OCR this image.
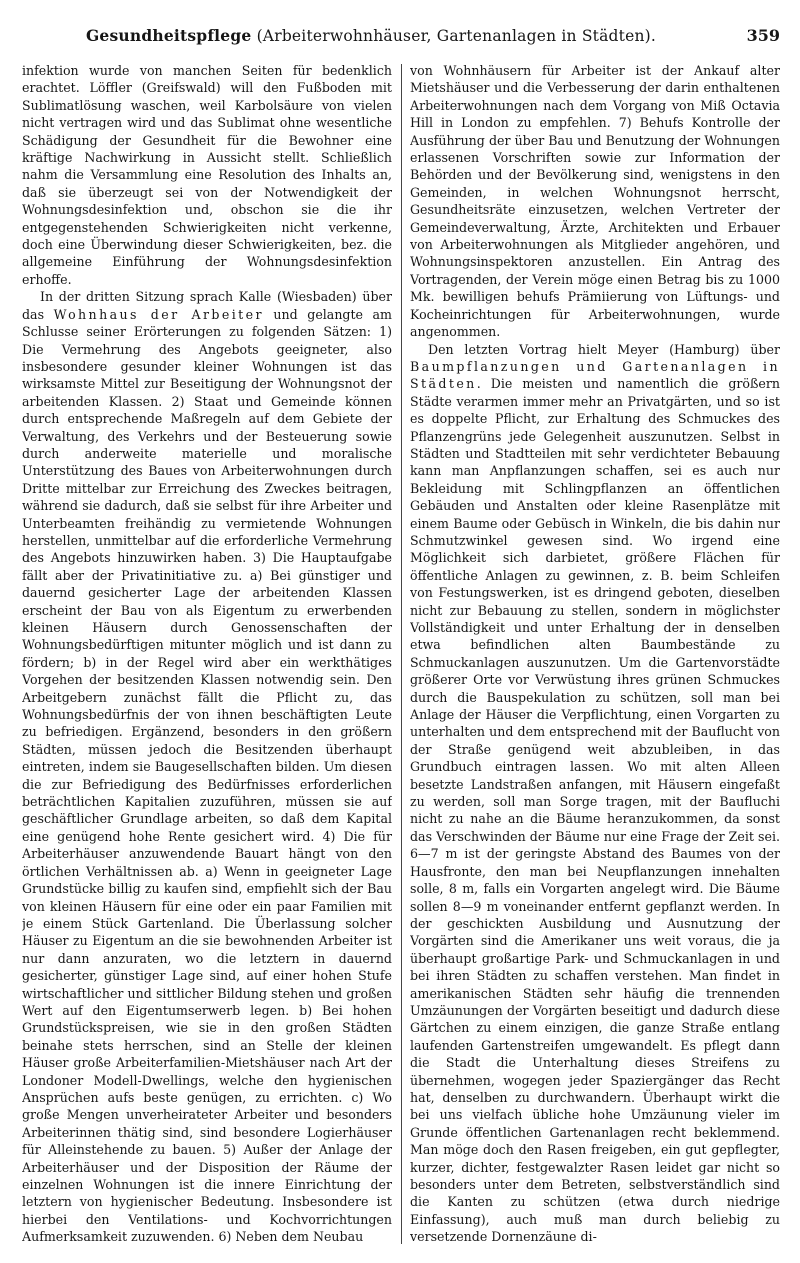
Gesundheitspflege (Arbeiterwohnhäuser, Gartenanlagen in Städten).	359

infektion wurde von manchen Seiten für bedenklich erachtet. Löffler (Greifswald) will den Fußboden mit Sublimatlösung waschen, weil Karbolsäure von vielen nicht vertragen wird und das Sublimat ohne wesentliche Schädigung der Gesundheit für die Bewohner eine kräftige Nachwirkung in Aussicht stellt. Schließlich nahm die Versammlung eine Resolution des Inhalts an, daß sie überzeugt sei von der Notwendigkeit der Wohnungsdesinfektion und, obschon sie die ihr entgegenstehenden Schwierigkeiten nicht verkenne, doch eine Überwindung dieser Schwierigkeiten, bez. die allgemeine Einführung der Wohnungsdesinfektion erhoffe.

In der dritten Sitzung sprach Kalle (Wiesbaden) über das Wohnhaus der Arbeiter und gelangte am Schlusse seiner Erörterungen zu folgenden Sätzen: 1) Die Vermehrung des Angebots geeigneter, also insbesondere gesunder kleiner Wohnungen ist das wirksamste Mittel zur Beseitigung der Wohnungsnot der arbeitenden Klassen. 2) Staat und Gemeinde können durch entsprechende Maßregeln auf dem Gebiete der Verwaltung, des Verkehrs und der Besteuerung sowie durch anderweite materielle und moralische Unterstützung des Baues von Arbeiterwohnungen durch Dritte mittelbar zur Erreichung des Zweckes beitragen, während sie dadurch, daß sie selbst für ihre Arbeiter und Unterbeamten freihändig zu vermietende Wohnungen herstellen, unmittelbar auf die erforderliche Vermehrung des Angebots hinzuwirken haben. 3) Die Hauptaufgabe fällt aber der Privatinitiative zu. a) Bei günstiger und dauernd gesicherter Lage der arbeitenden Klassen erscheint der Bau von als Eigentum zu erwerbenden kleinen Häusern durch Genossenschaften der Wohnungsbedürftigen mitunter möglich und ist dann zu fördern; b) in der Regel wird aber ein werkthätiges Vorgehen der besitzenden Klassen notwendig sein. Den Arbeitgebern zunächst fällt die Pflicht zu, das Wohnungsbedürfnis der von ihnen beschäftigten Leute zu befriedigen. Ergänzend, besonders in den größern Städten, müssen jedoch die Besitzenden überhaupt eintreten, indem sie Baugesellschaften bilden. Um diesen die zur Befriedigung des Bedürfnisses erforderlichen beträchtlichen Kapitalien zuzuführen, müssen sie auf geschäftlicher Grundlage arbeiten, so daß dem Kapital eine genügend hohe Rente gesichert wird. 4) Die für Arbeiterhäuser anzuwendende Bauart hängt von den örtlichen Verhältnissen ab. a) Wenn in geeigneter Lage Grundstücke billig zu kaufen sind, empfiehlt sich der Bau von kleinen Häusern für eine oder ein paar Familien mit je einem Stück Gartenland. Die Überlassung solcher Häuser zu Eigentum an die sie bewohnenden Arbeiter ist nur dann anzuraten, wo die letztern in dauernd gesicherter, günstiger Lage sind, auf einer hohen Stufe wirtschaftlicher und sittlicher Bildung stehen und großen Wert auf den Eigentumserwerb legen. b) Bei hohen Grundstückspreisen, wie sie in den großen Städten beinahe stets herrschen, sind an Stelle der kleinen Häuser große Arbeiterfamilien-Mietshäuser nach Art der Londoner Modell-Dwellings, welche den hygienischen Ansprüchen aufs beste genügen, zu errichten. c) Wo große Mengen unverheirateter Arbeiter und besonders Arbeiterinnen thätig sind, sind besondere Logierhäuser für Alleinstehende zu bauen. 5) Außer der Anlage der Arbeiterhäuser und der Disposition der Räume der einzelnen Wohnungen ist die innere Einrichtung der letztern von hygienischer Bedeutung. Insbesondere ist hierbei den Ventilations- und Kochvorrichtungen Aufmerksamkeit zuzuwenden. 6) Neben dem Neubau

von Wohnhäusern für Arbeiter ist der Ankauf alter Mietshäuser und die Verbesserung der darin enthaltenen Arbeiterwohnungen nach dem Vorgang von Miß Octavia Hill in London zu empfehlen. 7) Behufs Kontrolle der Ausführung der über Bau und Benutzung der Wohnungen erlassenen Vorschriften sowie zur Information der Behörden und der Bevölkerung sind, wenigstens in den Gemeinden, in welchen Wohnungsnot herrscht, Gesundheitsräte einzusetzen, welchen Vertreter der Gemeindeverwaltung, Ärzte, Architekten und Erbauer von Arbeiterwohnungen als Mitglieder angehören, und Wohnungsinspektoren anzustellen. Ein Antrag des Vortragenden, der Verein möge einen Betrag bis zu 1000 Mk. bewilligen behufs Prämiierung von Lüftungs- und Kocheinrichtungen für Arbeiterwohnungen, wurde angenommen.

Den letzten Vortrag hielt Meyer (Hamburg) über Baumpflanzungen und Gartenanlagen in Städten. Die meisten und namentlich die größern Städte verarmen immer mehr an Privatgärten, und so ist es doppelte Pflicht, zur Erhaltung des Schmuckes des Pflanzengrüns jede Gelegenheit auszunutzen. Selbst in Städten und Stadtteilen mit sehr verdichteter Bebauung kann man Anpflanzungen schaffen, sei es auch nur Bekleidung mit Schlingpflanzen an öffentlichen Gebäuden und Anstalten oder kleine Rasenplätze mit einem Baume oder Gebüsch in Winkeln, die bis dahin nur Schmutzwinkel gewesen sind. Wo irgend eine Möglichkeit sich darbietet, größere Flächen für öffentliche Anlagen zu gewinnen, z. B. beim Schleifen von Festungswerken, ist es dringend geboten, dieselben nicht zur Bebauung zu stellen, sondern in möglichster Vollständigkeit und unter Erhaltung der in denselben etwa befindlichen alten Baumbestände zu Schmuckanlagen auszunutzen. Um die Gartenvorstädte größerer Orte vor Verwüstung ihres grünen Schmuckes durch die Bauspekulation zu schützen, soll man bei Anlage der Häuser die Verpflichtung, einen Vorgarten zu unterhalten und dem entsprechend mit der Bauflucht von der Straße genügend weit abzubleiben, in das Grundbuch eintragen lassen. Wo mit alten Alleen besetzte Landstraßen anfangen, mit Häusern eingefaßt zu werden, soll man Sorge tragen, mit der Baufluchi nicht zu nahe an die Bäume heranzukommen, da sonst das Verschwinden der Bäume nur eine Frage der Zeit sei. 6—7 m ist der geringste Abstand des Baumes von der Hausfronte, den man bei Neupflanzungen innehalten solle, 8 m, falls ein Vorgarten angelegt wird. Die Bäume sollen 8—9 m voneinander entfernt gepflanzt werden. In der geschickten Ausbildung und Ausnutzung der Vorgärten sind die Amerikaner uns weit voraus, die ja überhaupt großartige Park- und Schmuckanlagen in und bei ihren Städten zu schaffen verstehen. Man findet in amerikanischen Städten sehr häufig die trennenden Umzäunungen der Vorgärten beseitigt und dadurch diese Gärtchen zu einem einzigen, die ganze Straße entlang laufenden Gartenstreifen umgewandelt. Es pflegt dann die Stadt die Unterhaltung dieses Streifens zu übernehmen, wogegen jeder Spaziergänger das Recht hat, denselben zu durchwandern. Überhaupt wirkt die bei uns vielfach übliche hohe Umzäunung vieler im Grunde öffentlichen Gartenanlagen recht beklemmend. Man möge doch den Rasen freigeben, ein gut gepflegter, kurzer, dichter, festgewalzter Rasen leidet gar nicht so besonders unter dem Betreten, selbstverständlich sind die Kanten zu schützen (etwa durch niedrige Einfassung), auch muß man durch beliebig zu versetzende Dornenzäune di-
